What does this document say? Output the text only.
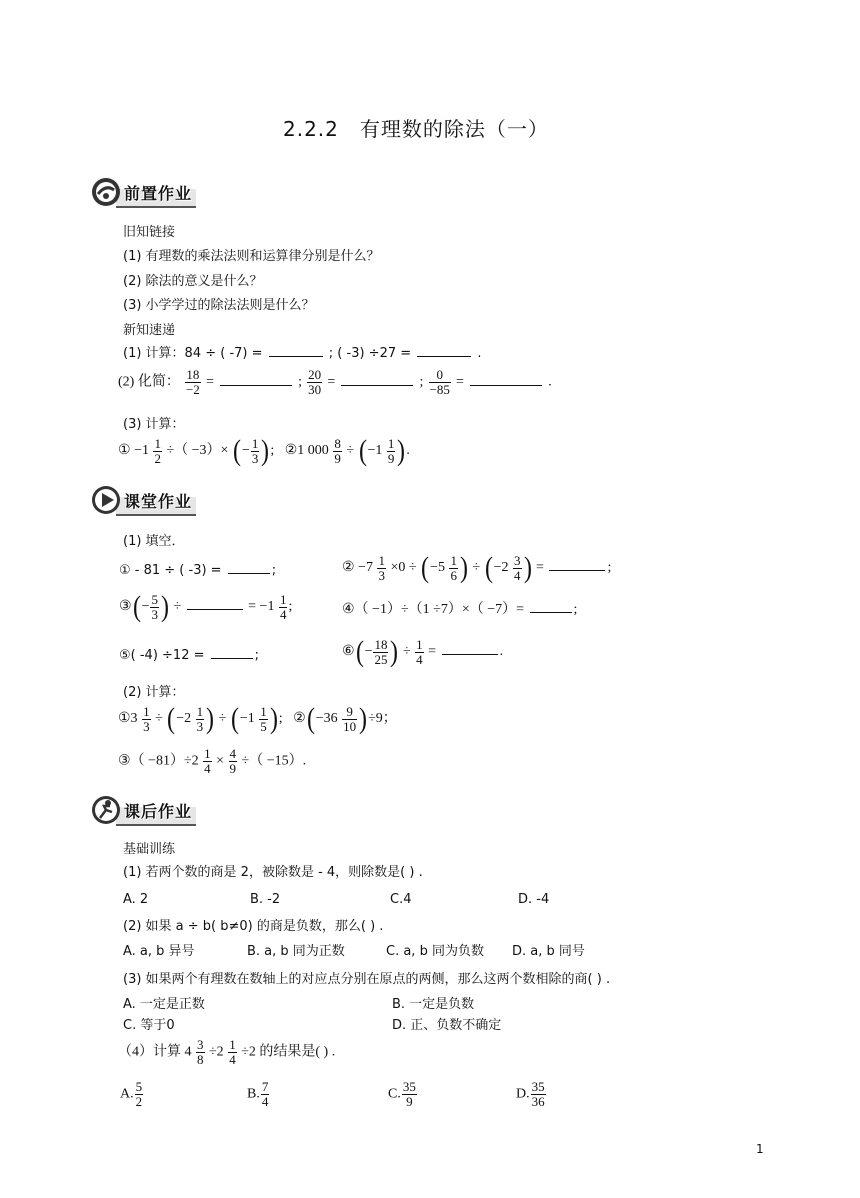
2.2.2　有理数的除法（一）
前置作业
旧知链接
(1) 有理数的乘法法则和运算律分别是什么？
(2) 除法的意义是什么？
(3) 小学学过的除法法则是什么？
新知速递
(1) 计算：84 ÷ ( -7) =	; ( -3) ÷27 =	.
(2) 化简： $\frac{18}{-2}$ =	; $\frac{20}{30}$ =	; $\frac{0}{-85}$ =	.
(3) 计算：
① $-1 \frac{1}{2}$ ÷（ −3）× (− $\frac{1}{3}$ ); ②1 $000 \frac{8}{9} \div (-1 \frac{1}{9}$ ).
课堂作业
(1) 填空．
① - 81 ÷ ( -3) =	;	② $-7 \frac{1}{3} \times 0 \div (-5 \frac{1}{6}$ ) ÷ ($-2 \frac{3}{4}$ ) =	;
③(− $\frac{5}{3}$ ) ÷	= $-1 \frac{1}{4}$ ;	④（ −1）÷（1 ÷7）×（ −7）=	;
⑤( -4) ÷12 =	;	⑥(− $\frac{18}{25}$ ) ÷ $\frac{1}{4}$ =	.
(2) 计算：
①3 $\frac{1}{3} \div (-2 \frac{1}{3}$ ) ÷ ($-1 \frac{1}{5}$ ); ②(−36 $\frac{9}{10} )\div 9$；
③（ $-81)\div 2 \frac{1}{4} \times \frac{4}{9}$ ÷（ −15）.
课后作业
基础训练
(1) 若两个数的商是 2，被除数是 - 4，则除数是( ) .
A. 2	B. -2	C.4	D. -4
(2) 如果 a ÷ b( b≠0) 的商是负数，那么( ) .
A. a, b 异号	B. a, b 同为正数	C. a, b 同为负数 D. a, b 同号
(3) 如果两个有理数在数轴上的对应点分别在原点的两侧，那么这两个数相除的商( ) .
A. 一定是正数	B. 一定是负数
C. 等于0	D. 正、负数不确定
（4）计算 $4 \frac{3}{8} \div 2 \frac{1}{4} \div 2$ 的结果是( ) .
A. $\frac{5}{2}$	B. $\frac{7}{4}$	C. $\frac{35}{9}$	D. $\frac{35}{36}$
1
